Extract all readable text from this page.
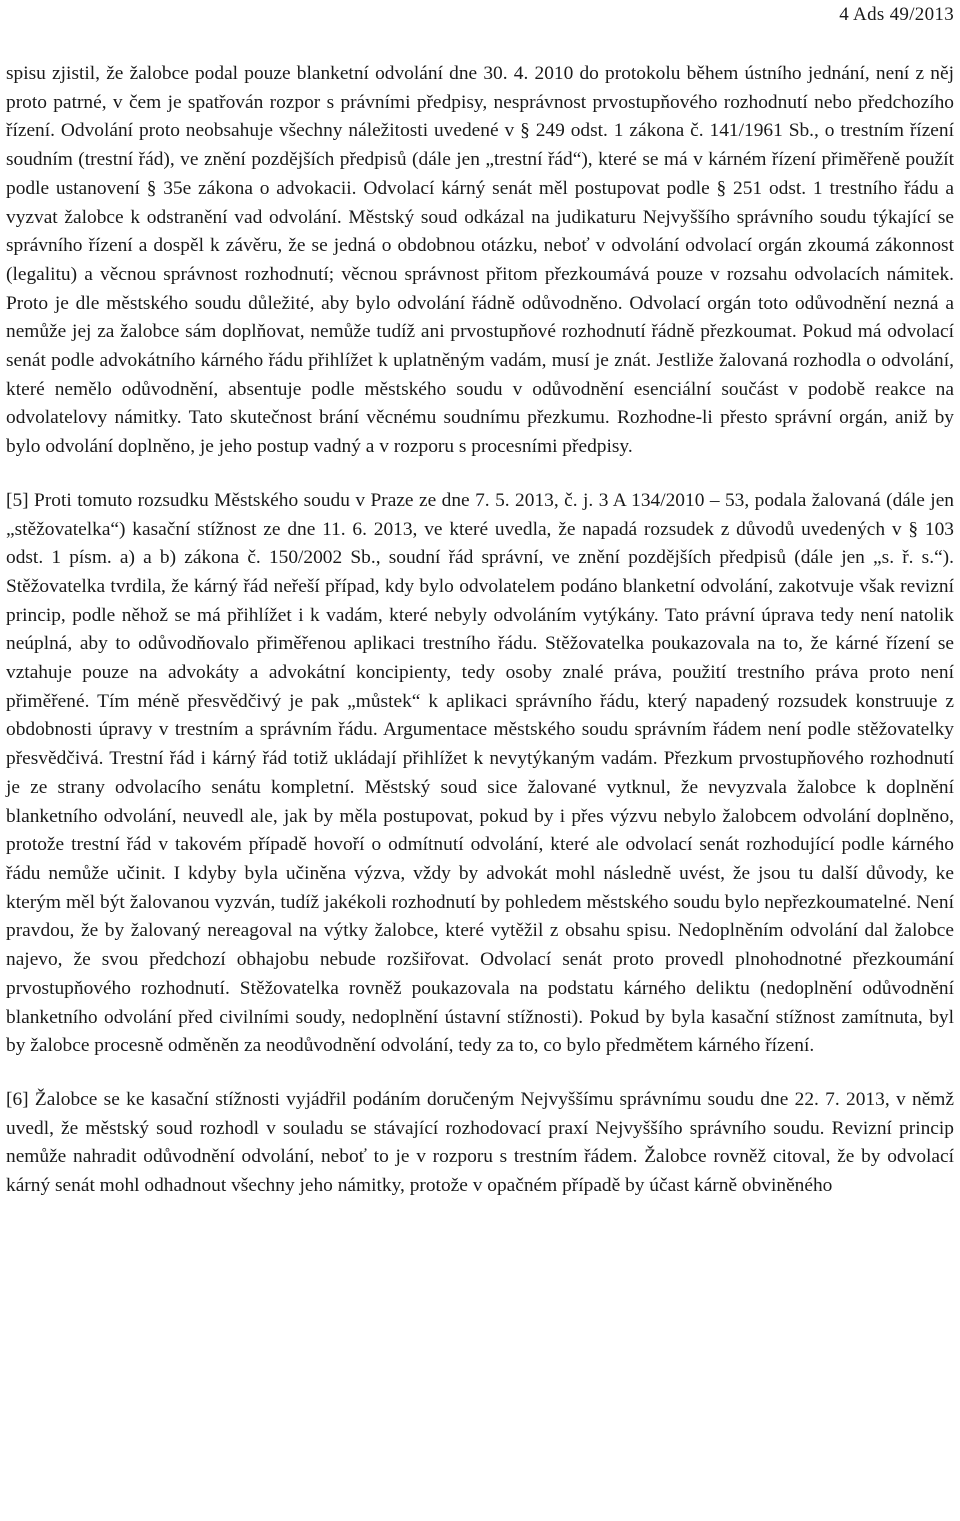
4 Ads 49/2013

spisu zjistil, že žalobce podal pouze blanketní odvolání dne 30. 4. 2010 do protokolu během ústního jednání, není z něj proto patrné, v čem je spatřován rozpor s právními předpisy, nesprávnost prvostupňového rozhodnutí nebo předchozího řízení. Odvolání proto neobsahuje všechny náležitosti uvedené v § 249 odst. 1 zákona č. 141/1961 Sb., o trestním řízení soudním (trestní řád), ve znění pozdějších předpisů (dále jen „trestní řád“), které se má v kárném řízení přiměřeně použít podle ustanovení § 35e zákona o advokacii. Odvolací kárný senát měl postupovat podle § 251 odst. 1 trestního řádu a vyzvat žalobce k odstranění vad odvolání. Městský soud odkázal na judikaturu Nejvyššího správního soudu týkající se správního řízení a dospěl k závěru, že se jedná o obdobnou otázku, neboť v odvolání odvolací orgán zkoumá zákonnost (legalitu) a věcnou správnost rozhodnutí; věcnou správnost přitom přezkoumává pouze v rozsahu odvolacích námitek. Proto je dle městského soudu důležité, aby bylo odvolání řádně odůvodněno. Odvolací orgán toto odůvodnění nezná a nemůže jej za žalobce sám doplňovat, nemůže tudíž ani prvostupňové rozhodnutí řádně přezkoumat. Pokud má odvolací senát podle advokátního kárného řádu přihlížet k uplatněným vadám, musí je znát. Jestliže žalovaná rozhodla o odvolání, které nemělo odůvodnění, absentuje podle městského soudu v odůvodnění esenciální součást v podobě reakce na odvolatelovy námitky. Tato skutečnost brání věcnému soudnímu přezkumu. Rozhodne-li přesto správní orgán, aniž by bylo odvolání doplněno, je jeho postup vadný a v rozporu s procesními předpisy.

[5] Proti tomuto rozsudku Městského soudu v Praze ze dne 7. 5. 2013, č. j. 3 A 134/2010 – 53, podala žalovaná (dále jen „stěžovatelka“) kasační stížnost ze dne 11. 6. 2013, ve které uvedla, že napadá rozsudek z důvodů uvedených v § 103 odst. 1 písm. a) a b) zákona č. 150/2002 Sb., soudní řád správní, ve znění pozdějších předpisů (dále jen „s. ř. s.“). Stěžovatelka tvrdila, že kárný řád neřeší případ, kdy bylo odvolatelem podáno blanketní odvolání, zakotvuje však revizní princip, podle něhož se má přihlížet i k vadám, které nebyly odvoláním vytýkány. Tato právní úprava tedy není natolik neúplná, aby to odůvodňovalo přiměřenou aplikaci trestního řádu. Stěžovatelka poukazovala na to, že kárné řízení se vztahuje pouze na advokáty a advokátní koncipienty, tedy osoby znalé práva, použití trestního práva proto není přiměřené. Tím méně přesvědčivý je pak „můstek“ k aplikaci správního řádu, který napadený rozsudek konstruuje z obdobnosti úpravy v trestním a správním řádu. Argumentace městského soudu správním řádem není podle stěžovatelky přesvědčivá. Trestní řád i kárný řád totiž ukládají přihlížet k nevytýkaným vadám. Přezkum prvostupňového rozhodnutí je ze strany odvolacího senátu kompletní. Městský soud sice žalované vytknul, že nevyzvala žalobce k doplnění blanketního odvolání, neuvedl ale, jak by měla postupovat, pokud by i přes výzvu nebylo žalobcem odvolání doplněno, protože trestní řád v takovém případě hovoří o odmítnutí odvolání, které ale odvolací senát rozhodující podle kárného řádu nemůže učinit. I kdyby byla učiněna výzva, vždy by advokát mohl následně uvést, že jsou tu další důvody, ke kterým měl být žalovanou vyzván, tudíž jakékoli rozhodnutí by pohledem městského soudu bylo nepřezkoumatelné. Není pravdou, že by žalovaný nereagoval na výtky žalobce, které vytěžil z obsahu spisu. Nedoplněním odvolání dal žalobce najevo, že svou předchozí obhajobu nebude rozšiřovat. Odvolací senát proto provedl plnohodnotné přezkoumání prvostupňového rozhodnutí. Stěžovatelka rovněž poukazovala na podstatu kárného deliktu (nedoplnění odůvodnění blanketního odvolání před civilními soudy, nedoplnění ústavní stížnosti). Pokud by byla kasační stížnost zamítnuta, byl by žalobce procesně odměněn za neodůvodnění odvolání, tedy za to, co bylo předmětem kárného řízení.

[6] Žalobce se ke kasační stížnosti vyjádřil podáním doručeným Nejvyššímu správnímu soudu dne 22. 7. 2013, v němž uvedl, že městský soud rozhodl v souladu se stávající rozhodovací praxí Nejvyššího správního soudu. Revizní princip nemůže nahradit odůvodnění odvolání, neboť to je v rozporu s trestním řádem. Žalobce rovněž citoval, že by odvolací kárný senát mohl odhadnout všechny jeho námitky, protože v opačném případě by účast kárně obviněného
